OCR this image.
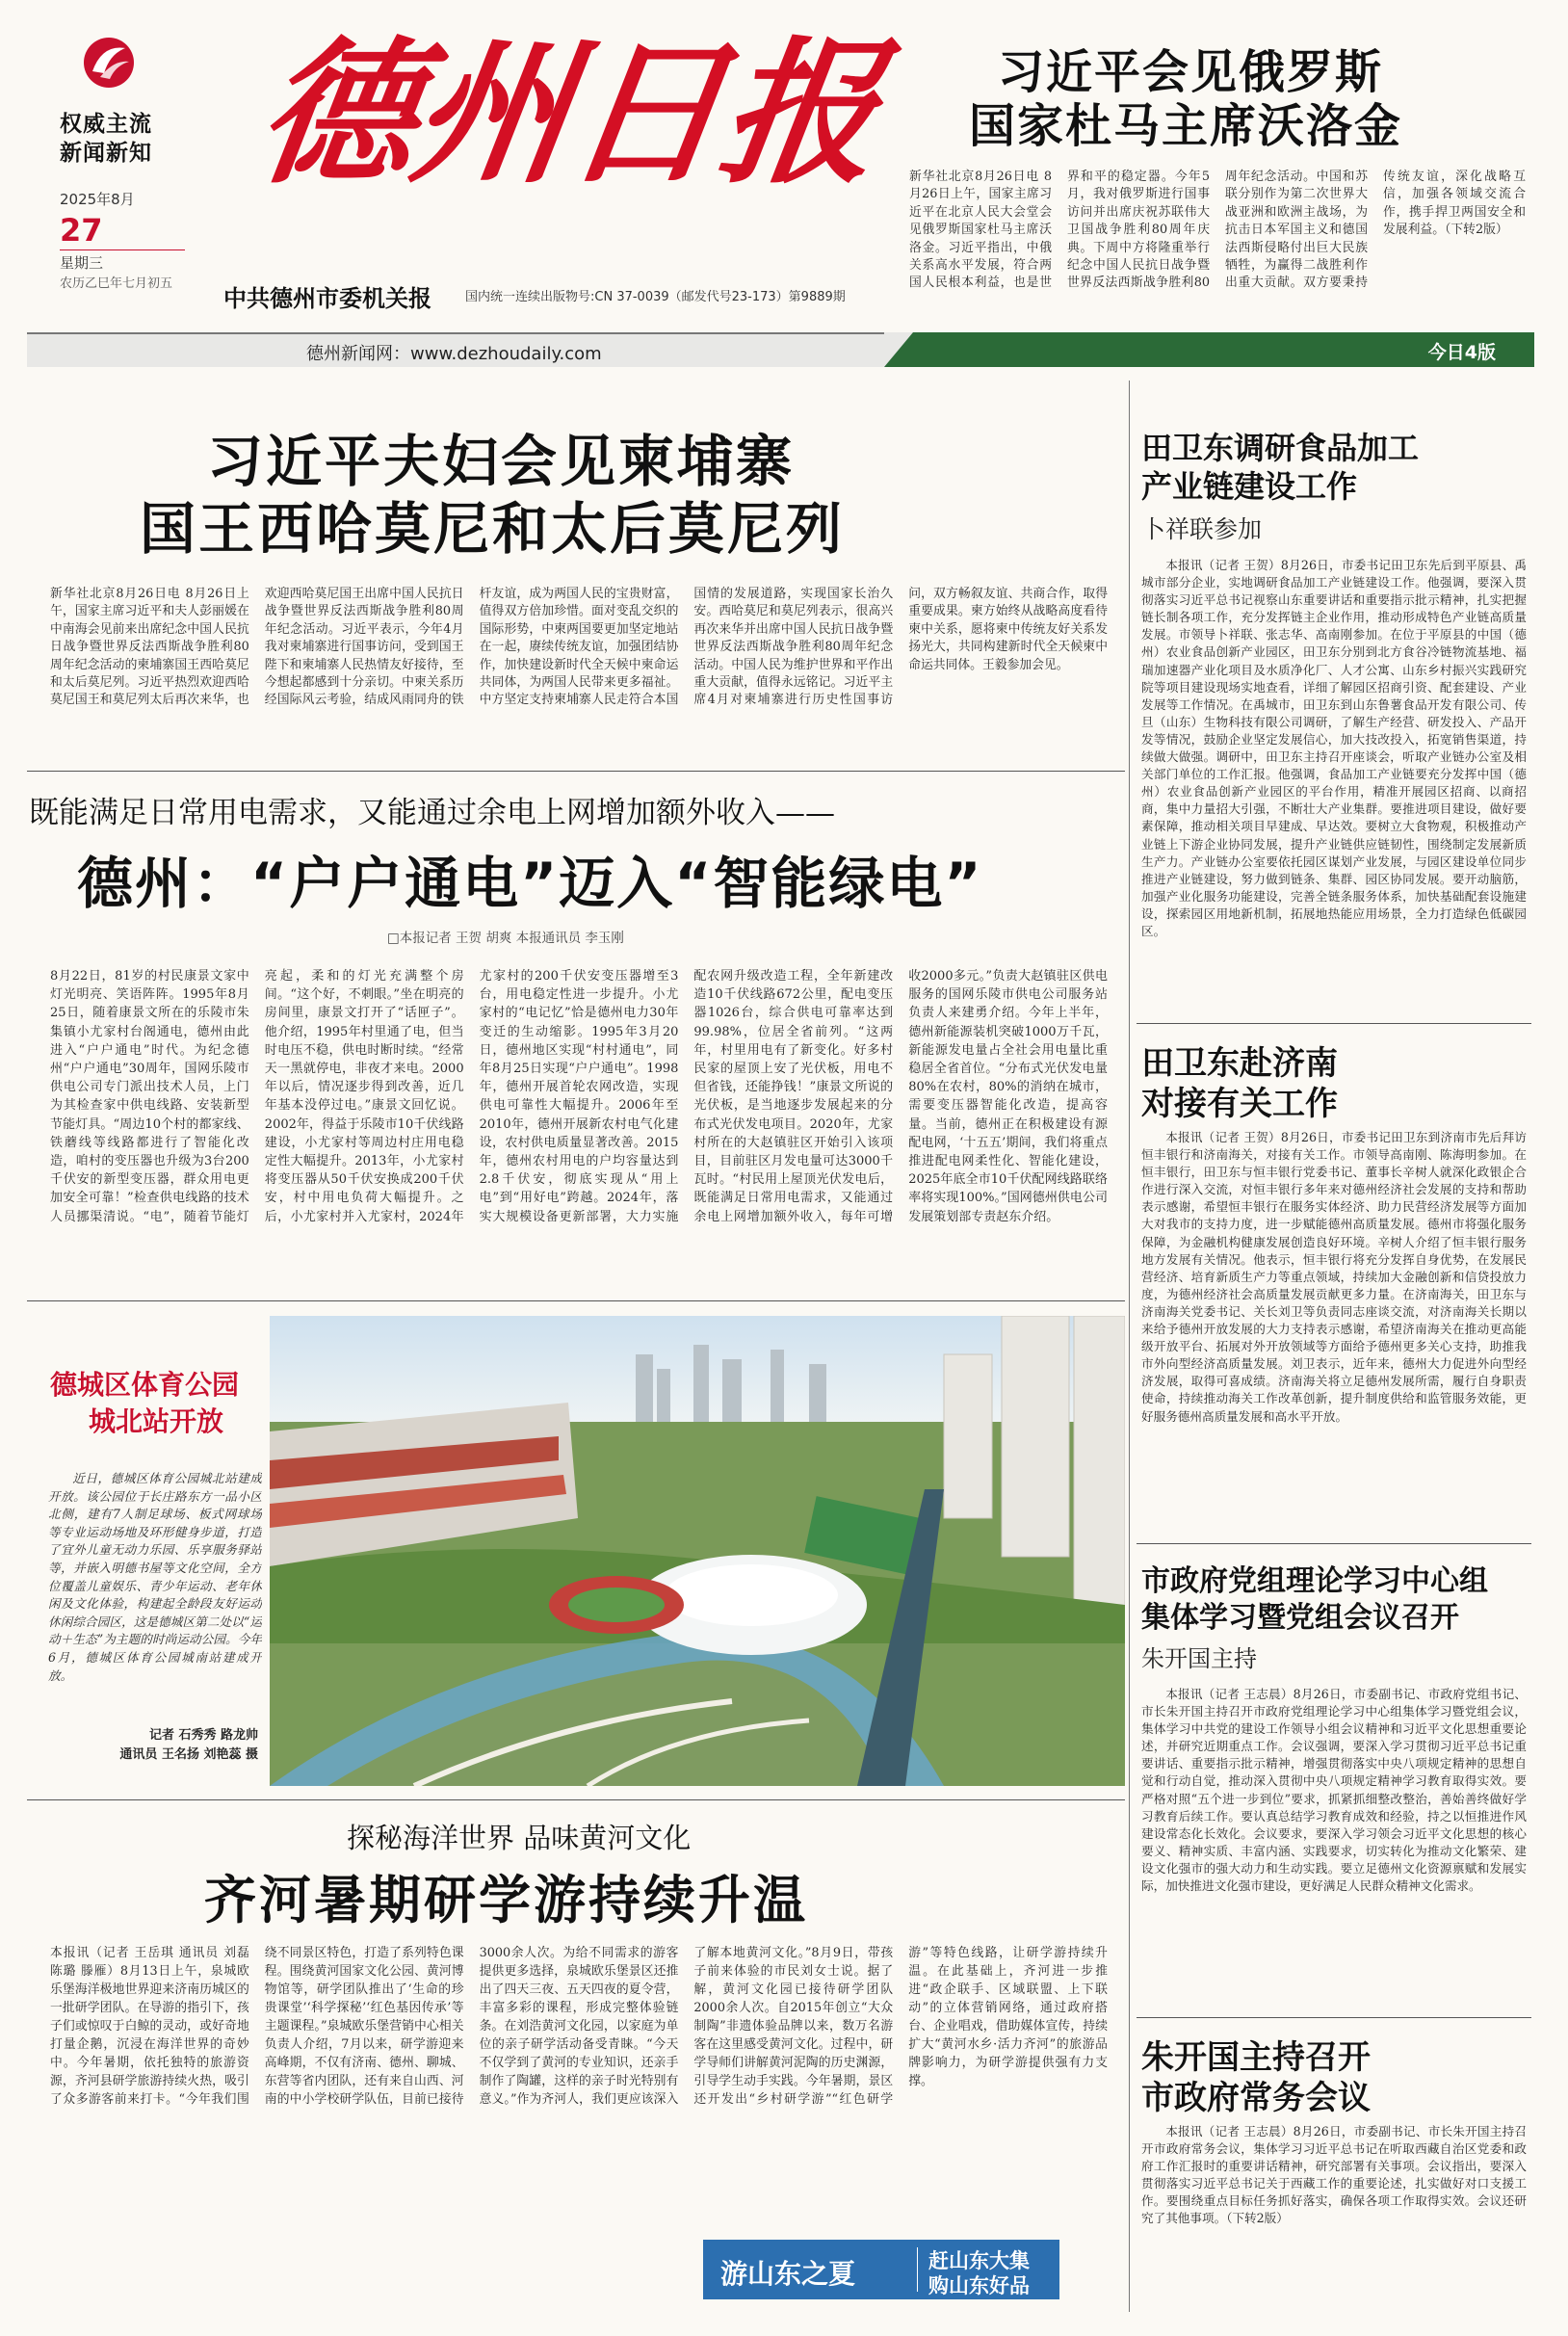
权威主流
新闻新知
2025年8月
27
星期三
农历乙巳年七月初五
德州日报
中共德州市委机关报	国内统一连续出版物号:CN 37-0039（邮发代号23-173）第9889期
习近平会见俄罗斯
国家杜马主席沃洛金
新华社北京8月26日电 8月26日上午，国家主席习近平在北京人民大会堂会见俄罗斯国家杜马主席沃洛金。习近平指出，中俄关系高水平发展，符合两国人民根本利益，也是世界和平的稳定器。今年5月，我对俄罗斯进行国事访问并出席庆祝苏联伟大卫国战争胜利80周年庆典。下周中方将隆重举行纪念中国人民抗日战争暨世界反法西斯战争胜利80周年纪念活动。中国和苏联分别作为第二次世界大战亚洲和欧洲主战场，为抗击日本军国主义和德国法西斯侵略付出巨大民族牺牲，为赢得二战胜利作出重大贡献。双方要秉持传统友谊，深化战略互信，加强各领域交流合作，携手捍卫两国安全和发展利益。（下转2版）
德州新闻网：www.dezhoudaily.com	今日4版
习近平夫妇会见柬埔寨
国王西哈莫尼和太后莫尼列
新华社北京8月26日电 8月26日上午，国家主席习近平和夫人彭丽媛在中南海会见前来出席纪念中国人民抗日战争暨世界反法西斯战争胜利80周年纪念活动的柬埔寨国王西哈莫尼和太后莫尼列。习近平热烈欢迎西哈莫尼国王和莫尼列太后再次来华，也欢迎西哈莫尼国王出席中国人民抗日战争暨世界反法西斯战争胜利80周年纪念活动。习近平表示，今年4月我对柬埔寨进行国事访问，受到国王陛下和柬埔寨人民热情友好接待，至今想起都感到十分亲切。中柬关系历经国际风云考验，结成风雨同舟的铁杆友谊，成为两国人民的宝贵财富，值得双方倍加珍惜。面对变乱交织的国际形势，中柬两国要更加坚定地站在一起，赓续传统友谊，加强团结协作，加快建设新时代全天候中柬命运共同体，为两国人民带来更多福祉。中方坚定支持柬埔寨人民走符合本国国情的发展道路，实现国家长治久安。西哈莫尼和莫尼列表示，很高兴再次来华并出席中国人民抗日战争暨世界反法西斯战争胜利80周年纪念活动。中国人民为维护世界和平作出重大贡献，值得永远铭记。习近平主席4月对柬埔寨进行历史性国事访问，双方畅叙友谊、共商合作，取得重要成果。柬方始终从战略高度看待柬中关系，愿将柬中传统友好关系发扬光大，共同构建新时代全天候柬中命运共同体。王毅参加会见。
既能满足日常用电需求，又能通过余电上网增加额外收入——
德州：“户户通电”迈入“智能绿电”
□本报记者 王贺 胡爽 本报通讯员 李玉刚
8月22日，81岁的村民康景文家中灯光明亮、笑语阵阵。1995年8月25日，随着康景文所在的乐陵市朱集镇小尤家村台阁通电，德州由此进入“户户通电”时代。为纪念德州“户户通电”30周年，国网乐陵市供电公司专门派出技术人员，上门为其检查家中供电线路、安装新型节能灯具。“周边10个村的都家线、铁蘑线等线路都进行了智能化改造，咱村的变压器也升级为3台200千伏安的新型变压器，群众用电更加安全可靠！”检查供电线路的技术人员挪渠清说。“电”，随着节能灯亮起，柔和的灯光充满整个房间。“这个好，不刺眼。”坐在明亮的房间里，康景文打开了“话匣子”。他介绍，1995年村里通了电，但当时电压不稳，供电时断时续。“经常天一黑就停电，非夜才来电。2000年以后，情况逐步得到改善，近几年基本没停过电。”康景文回忆说。2002年，得益于乐陵市10千伏线路建设，小尤家村等周边村庄用电稳定性大幅提升。2013年，小尤家村将变压器从50千伏安换成200千伏安，村中用电负荷大幅提升。之后，小尤家村并入尤家村，2024年尤家村的200千伏安变压器增至3台，用电稳定性进一步提升。小尤家村的“电记忆”恰是德州电力30年变迁的生动缩影。1995年3月20日，德州地区实现“村村通电”，同年8月25日实现“户户通电”。1998年，德州开展首轮农网改造，实现供电可靠性大幅提升。2006年至2010年，德州开展新农村电气化建设，农村供电质量显著改善。2015年，德州农村用电的户均容量达到2.8千伏安，彻底实现从“用上电”到“用好电”跨越。2024年，落实大规模设备更新部署，大力实施配农网升级改造工程，全年新建改造10千伏线路672公里，配电变压器1026台，综合供电可靠率达到99.98%，位居全省前列。“这两年，村里用电有了新变化。好多村民家的屋顶上安了光伏板，用电不但省钱，还能挣钱！”康景文所说的光伏板，是当地逐步发展起来的分布式光伏发电项目。2020年，尤家村所在的大赵镇驻区开始引入该项目，目前驻区月发电量可达3000千瓦时。“村民用上屋顶光伏发电后，既能满足日常用电需求，又能通过余电上网增加额外收入，每年可增收2000多元。”负责大赵镇驻区供电服务的国网乐陵市供电公司服务站负责人来建勇介绍。今年上半年，德州新能源装机突破1000万千瓦，新能源发电量占全社会用电量比重稳居全省首位。“分布式光伏发电量80%在农村，80%的消纳在城市，需要变压器智能化改造，提高容量。当前，德州正在积极建设有源配电网，‘十五五’期间，我们将重点推进配电网柔性化、智能化建设，2025年底全市10千伏配网线路联络率将实现100%。”国网德州供电公司发展策划部专责赵东介绍。
德城区体育公园
城北站开放
近日，德城区体育公园城北站建成开放。该公园位于长庄路东方一品小区北侧，建有7人制足球场、板式网球场等专业运动场地及环形健身步道，打造了宜外儿童无动力乐园、乐享服务驿站等，并嵌入明德书屋等文化空间，全方位覆盖儿童娱乐、青少年运动、老年休闲及文化体验，构建起全龄段友好运动休闲综合园区，这是德城区第二处以“运动＋生态”为主题的时尚运动公园。今年6月，德城区体育公园城南站建成开放。
记者 石秀秀 路龙帅
通讯员 王名扬 刘艳蕊 摄
探秘海洋世界 品味黄河文化
齐河暑期研学游持续升温
本报讯（记者 王岳琪 通讯员 刘磊 陈璐 滕雁）8月13日上午，泉城欧乐堡海洋极地世界迎来济南历城区的一批研学团队。在导游的指引下，孩子们或惊叹于白鲸的灵动，或好奇地打量企鹅，沉浸在海洋世界的奇妙中。今年暑期，依托独特的旅游资源，齐河县研学旅游持续火热，吸引了众多游客前来打卡。“今年我们围绕不同景区特色，打造了系列特色课程。围绕黄河国家文化公园、黄河博物馆等，研学团队推出了‘生命的珍贵课堂’‘科学探秘’‘红色基因传承’等主题课程。”泉城欧乐堡营销中心相关负责人介绍，7月以来，研学游迎来高峰期，不仅有济南、德州、聊城、东营等省内团队，还有来自山西、河南的中小学校研学队伍，目前已接待3000余人次。为给不同需求的游客提供更多选择，泉城欧乐堡景区还推出了四天三夜、五天四夜的夏令营，丰富多彩的课程，形成完整体验链条。在刘浩黄河文化园，以家庭为单位的亲子研学活动备受青睐。“今天不仅学到了黄河的专业知识，还亲手制作了陶罐，这样的亲子时光特别有意义。”作为齐河人，我们更应该深入了解本地黄河文化。”8月9日，带孩子前来体验的市民刘女士说。据了解，黄河文化园已接待研学团队2000余人次。自2015年创立“大众制陶”非遗体验品牌以来，数万名游客在这里感受黄河文化。过程中，研学导师们讲解黄河泥陶的历史渊源，引导学生动手实践。今年暑期，景区还开发出“乡村研学游”“红色研学游”等特色线路，让研学游持续升温。在此基础上，齐河进一步推进“政企联手、区域联盟、上下联动”的立体营销网络，通过政府搭台、企业唱戏，借助媒体宣传，持续扩大“黄河水乡·活力齐河”的旅游品牌影响力，为研学游提供强有力支撑。
游山东之夏	赶山东大集
购山东好品
田卫东调研食品加工
产业链建设工作
卜祥联参加
本报讯（记者 王贺）8月26日，市委书记田卫东先后到平原县、禹城市部分企业，实地调研食品加工产业链建设工作。他强调，要深入贯彻落实习近平总书记视察山东重要讲话和重要指示批示精神，扎实把握链长制各项工作，充分发挥链主企业作用，推动形成特色产业链高质量发展。市领导卜祥联、张志华、高南刚参加。在位于平原县的中国（德州）农业食品创新产业园区，田卫东分别到北方食谷冷链物流基地、福瑞加速器产业化项目及水质净化厂、人才公寓、山东乡村振兴实践研究院等项目建设现场实地查看，详细了解园区招商引资、配套建设、产业发展等工作情况。在禹城市，田卫东到山东鲁薯食品开发有限公司、传旦（山东）生物科技有限公司调研，了解生产经营、研发投入、产品开发等情况，鼓励企业坚定发展信心，加大技改投入，拓宽销售渠道，持续做大做强。调研中，田卫东主持召开座谈会，听取产业链办公室及相关部门单位的工作汇报。他强调，食品加工产业链要充分发挥中国（德州）农业食品创新产业园区的平台作用，精准开展园区招商、以商招商，集中力量招大引强，不断壮大产业集群。要推进项目建设，做好要素保障，推动相关项目早建成、早达效。要树立大食物观，积极推动产业链上下游企业协同发展，提升产业链供应链韧性，围绕制定发展新质生产力。产业链办公室要依托园区谋划产业发展，与园区建设单位同步推进产业链建设，努力做到链条、集群、园区协同发展。要开动脑筋，加强产业化服务功能建设，完善全链条服务体系，加快基础配套设施建设，探索园区用地新机制，拓展地热能应用场景，全力打造绿色低碳园区。
田卫东赴济南
对接有关工作
本报讯（记者 王贺）8月26日，市委书记田卫东到济南市先后拜访恒丰银行和济南海关，对接有关工作。市领导高南刚、陈海明参加。在恒丰银行，田卫东与恒丰银行党委书记、董事长辛树人就深化政银企合作进行深入交流，对恒丰银行多年来对德州经济社会发展的支持和帮助表示感谢，希望恒丰银行在服务实体经济、助力民营经济发展等方面加大对我市的支持力度，进一步赋能德州高质量发展。德州市将强化服务保障，为金融机构健康发展创造良好环境。辛树人介绍了恒丰银行服务地方发展有关情况。他表示，恒丰银行将充分发挥自身优势，在发展民营经济、培育新质生产力等重点领域，持续加大金融创新和信贷投放力度，为德州经济社会高质量发展贡献更多力量。在济南海关，田卫东与济南海关党委书记、关长刘卫等负责同志座谈交流，对济南海关长期以来给予德州开放发展的大力支持表示感谢，希望济南海关在推动更高能级开放平台、拓展对外开放领域等方面给予德州更多关心支持，助推我市外向型经济高质量发展。刘卫表示，近年来，德州大力促进外向型经济发展，取得可喜成绩。济南海关将立足德州发展所需，履行自身职责使命，持续推动海关工作改革创新，提升制度供给和监管服务效能，更好服务德州高质量发展和高水平开放。
市政府党组理论学习中心组
集体学习暨党组会议召开
朱开国主持
本报讯（记者 王志晨）8月26日，市委副书记、市政府党组书记、市长朱开国主持召开市政府党组理论学习中心组集体学习暨党组会议，集体学习中共党的建设工作领导小组会议精神和习近平文化思想重要论述，并研究近期重点工作。会议强调，要深入学习贯彻习近平总书记重要讲话、重要指示批示精神，增强贯彻落实中央八项规定精神的思想自觉和行动自觉，推动深入贯彻中央八项规定精神学习教育取得实效。要严格对照“五个进一步到位”要求，抓紧抓细整改整治，善始善终做好学习教育后续工作。要认真总结学习教育成效和经验，持之以恒推进作风建设常态化长效化。会议要求，要深入学习领会习近平文化思想的核心要义、精神实质、丰富内涵、实践要求，切实转化为推动文化繁荣、建设文化强市的强大动力和生动实践。要立足德州文化资源禀赋和发展实际，加快推进文化强市建设，更好满足人民群众精神文化需求。
朱开国主持召开
市政府常务会议
本报讯（记者 王志晨）8月26日，市委副书记、市长朱开国主持召开市政府常务会议，集体学习习近平总书记在听取西藏自治区党委和政府工作汇报时的重要讲话精神，研究部署有关事项。会议指出，要深入贯彻落实习近平总书记关于西藏工作的重要论述，扎实做好对口支援工作。要围绕重点目标任务抓好落实，确保各项工作取得实效。会议还研究了其他事项。（下转2版）
